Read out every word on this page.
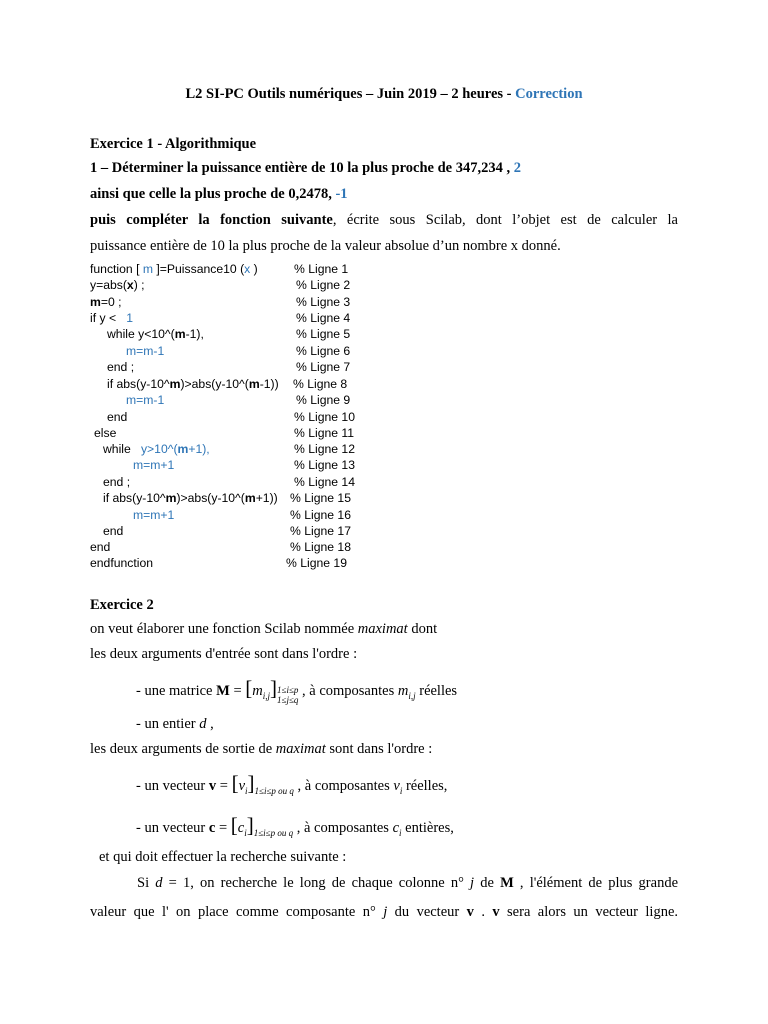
L2 SI-PC Outils numériques – Juin 2019 – 2 heures - Correction
Exercice 1 - Algorithmique
1 – Déterminer la puissance entière de 10 la plus proche de 347,234 , 2
ainsi que celle la plus proche de 0,2478, -1
puis compléter la fonction suivante, écrite sous Scilab, dont l’objet est de calculer la
puissance entière de 10 la plus proche de la valeur absolue d’un nombre x donné.
function [ m ]=Puissance10 (x )	% Ligne 1
y=abs(x) ;	% Ligne 2
m=0 ;	% Ligne 3
if y < 1	% Ligne 4
while y<10^(m-1),	% Ligne 5
m=m-1	% Ligne 6
end ;	% Ligne 7
if abs(y-10^m)>abs(y-10^(m-1)) % Ligne 8
m=m-1	% Ligne 9
end	% Ligne 10
else	% Ligne 11
while y>10^(m+1),	% Ligne 12
m=m+1	% Ligne 13
end ;	% Ligne 14
if abs(y-10^m)>abs(y-10^(m+1)) % Ligne 15
m=m+1	% Ligne 16
end	% Ligne 17
end	% Ligne 18
endfunction	% Ligne 19
Exercice 2
on veut élaborer une fonction Scilab nommée maximat dont
les deux arguments d'entrée sont dans l'ordre :
- une matrice $M = [m_{i,j}]$ 1≤i≤p
1≤j≤q
, à composantes $m_{i,j}$ réelles
- un entier d ,
les deux arguments de sortie de maximat sont dans l'ordre :
- un vecteur $v = [v_i]_{1\le i\le p ou q}$ , à composantes $v_i$ réelles,
- un vecteur $c = [c_i]_{1\le i\le p ou q}$ , à composantes $c_i$ entières,
et qui doit effectuer la recherche suivante :
Si d = 1, on recherche le long de chaque colonne n° j de M , l'élément de plus grande
valeur que l' on place comme composante n° j du vecteur v . v sera alors un vecteur ligne.
